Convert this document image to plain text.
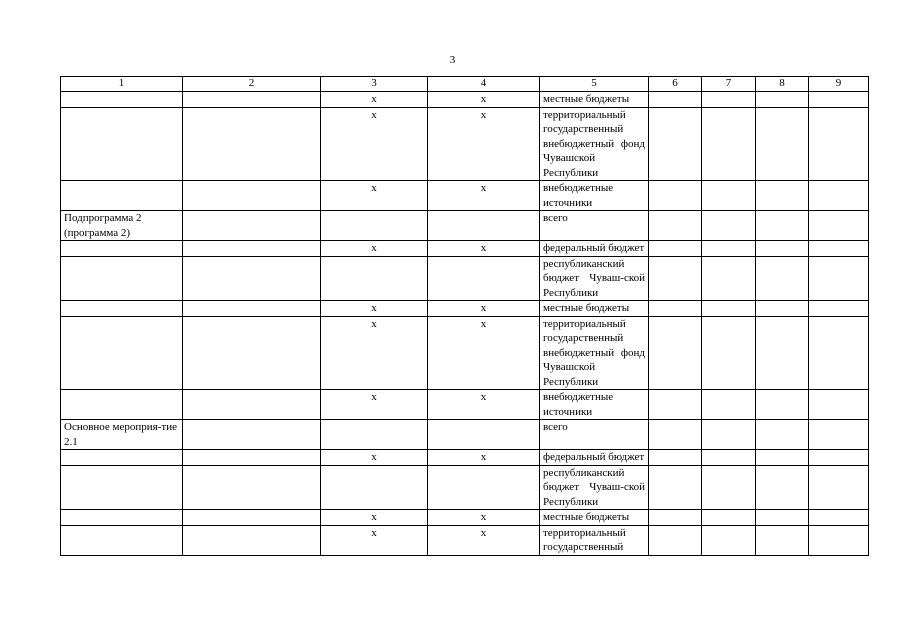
3
1	2	3	4	5	6	7	8	9
		х	х	местные бюджеты				
		х	х	территориальный государственный внебюджетный фонд Чувашской Республики				
		х	х	внебюджетные источники				
Подпрограмма 2 (программа 2)				всего				
		х	х	федеральный бюджет				
				республиканский бюджет Чуваш-ской Республики				
		х	х	местные бюджеты				
		х	х	территориальный государственный внебюджетный фонд Чувашской Республики				
		х	х	внебюджетные источники				
Основное мероприя-тие 2.1				всего				
		х	х	федеральный бюджет				
				республиканский бюджет Чуваш-ской Республики				
		х	х	местные бюджеты				
		х	х	территориальный государственный				
